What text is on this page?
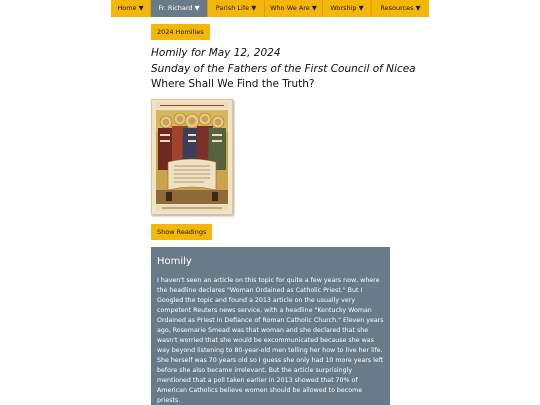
Home ▼	Fr. Richard ▼	Parish Life ▼	Who We Are ▼	Worship ▼	Resources ▼
2024 Homilies
Homily for May 12, 2024
Sunday of the Fathers of the First Council of Nicea
Where Shall We Find the Truth?
Show Readings
Homily

I haven't seen an article on this topic for quite a few years now, where the headline declares "Woman Ordained as Catholic Priest." But I Googled the topic and found a 2013 article on the usually very competent Reuters news service, with a headline "Kentucky Woman Ordained as Priest in Defiance of Roman Catholic Church." Eleven years ago, Rosemarie Smead was that woman and she declared that she wasn't worried that she would be excommunicated because she was way beyond listening to 80-year-old men telling her how to live her life. She herself was 70 years old so I guess she only had 10 more years left before she also became irrelevant. But the article surprisingly mentioned that a poll taken earlier in 2013 showed that 70% of American Catholics believe women should be allowed to become priests.
